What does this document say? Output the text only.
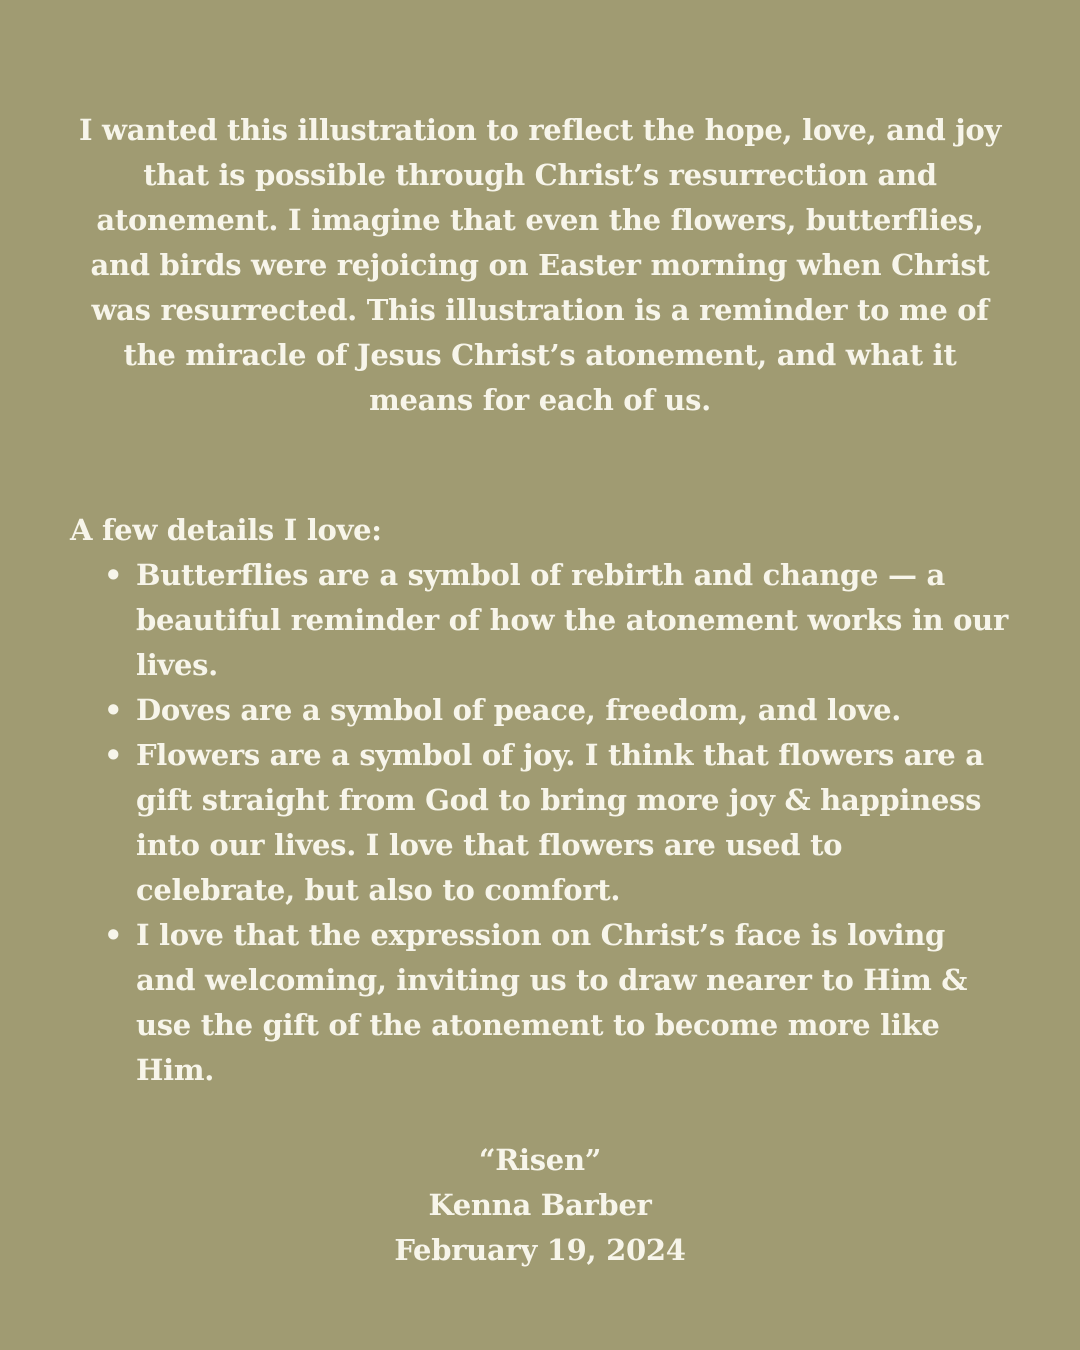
I wanted this illustration to reflect the hope, love, and joy that is possible through Christ’s resurrection and atonement. I imagine that even the flowers, butterflies, and birds were rejoicing on Easter morning when Christ was resurrected. This illustration is a reminder to me of the miracle of Jesus Christ’s atonement, and what it means for each of us.

A few details I love:

• Butterflies are a symbol of rebirth and change — a beautiful reminder of how the atonement works in our lives.
• Doves are a symbol of peace, freedom, and love.
• Flowers are a symbol of joy. I think that flowers are a gift straight from God to bring more joy & happiness into our lives. I love that flowers are used to celebrate, but also to comfort.
• I love that the expression on Christ’s face is loving and welcoming, inviting us to draw nearer to Him & use the gift of the atonement to become more like Him.
“Risen”
Kenna Barber
February 19, 2024
